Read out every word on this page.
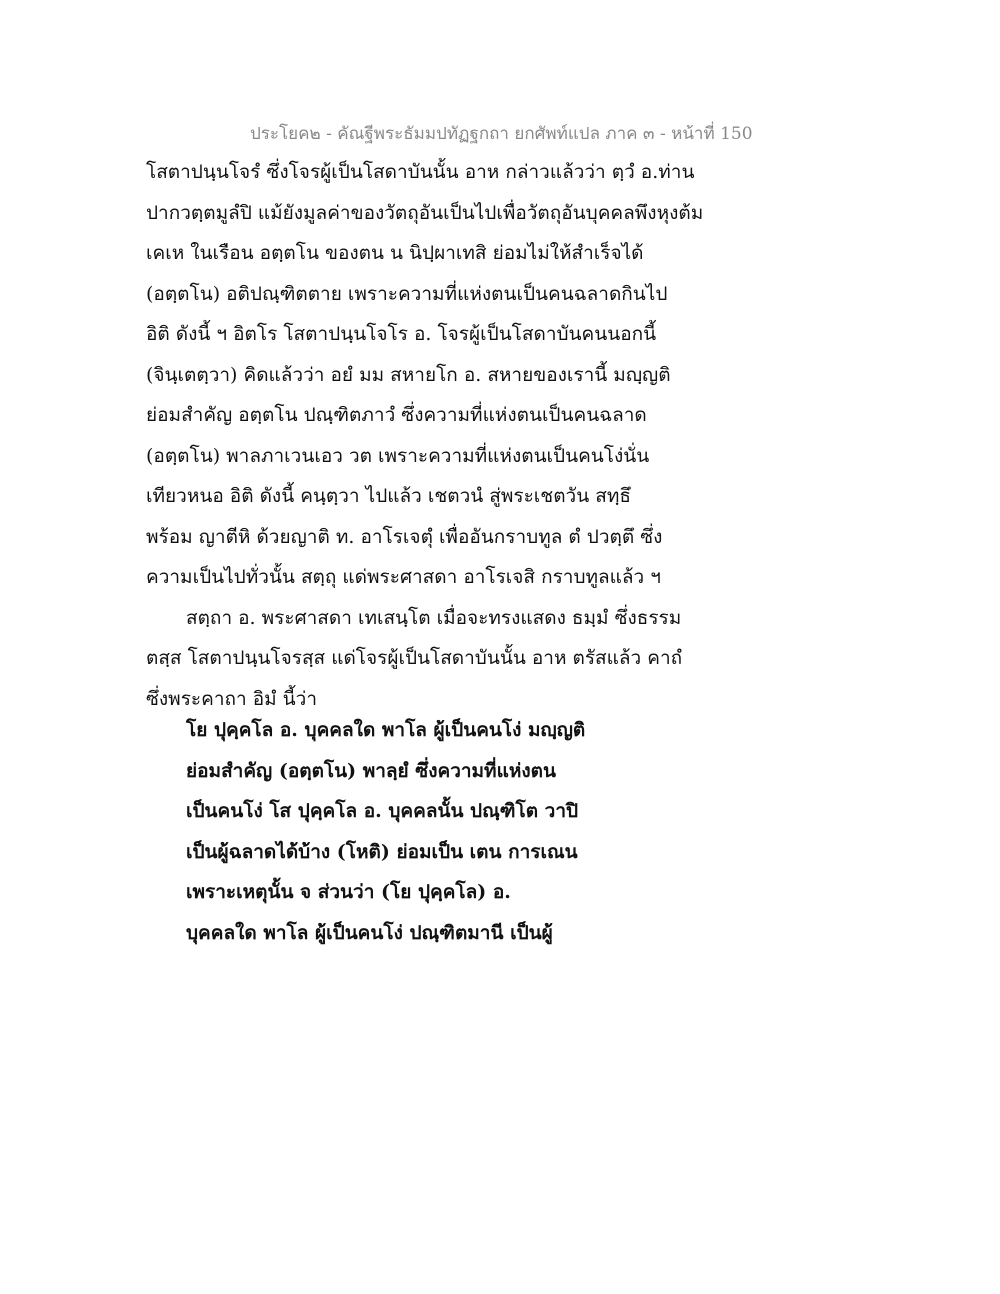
ประโยค๒ - คัณฐีพระธัมมปทัฏฐกถา ยกศัพท์แปล ภาค ๓ - หน้าที่ 150
โสตาปนฺนโจรํ ซึ่งโจรผู้เป็นโสดาบันนั้น อาห กล่าวแล้วว่า ตฺวํ อ.ท่าน
ปากวตฺตมูลํปิ แม้ยังมูลค่าของวัตถุอันเป็นไปเพื่อวัตถุอันบุคคลพึงหุงต้ม
เคเห ในเรือน อตฺตโน ของตน น นิปฺผาเทสิ ย่อมไม่ให้สำเร็จได้
(อตฺตโน) อติปณฺฑิตตาย เพราะความที่แห่งตนเป็นคนฉลาดกินไป
อิติ ดังนี้ ฯ อิตโร โสตาปนฺนโจโร อ. โจรผู้เป็นโสดาบันคนนอกนี้
(จินฺเตตฺวา) คิดแล้วว่า อยํ มม สหายโก อ. สหายของเรานี้ มญฺญติ
ย่อมสำคัญ อตฺตโน ปณฺฑิตภาวํ ซึ่งความที่แห่งตนเป็นคนฉลาด
(อตฺตโน) พาลภาเวนเอว วต เพราะความที่แห่งตนเป็นคนโง่นั่น
เทียวหนอ อิติ ดังนี้ คนฺตฺวา ไปแล้ว เชตวนํ สู่พระเชตวัน สทฺธึ
พร้อม ญาตีหิ ด้วยญาติ ท. อาโรเจตุํ เพื่ออันกราบทูล ตํ ปวตฺตึ ซึ่ง
ความเป็นไปทั่วนั้น สตฺถุ แด่พระศาสดา อาโรเจสิ กราบทูลแล้ว ฯ
สตฺถา อ. พระศาสดา เทเสนฺโต เมื่อจะทรงแสดง ธมฺมํ ซึ่งธรรม
ตสฺส โสตาปนฺนโจรสฺส แด่โจรผู้เป็นโสดาบันนั้น อาห ตรัสแล้ว คาถํ
ซึ่งพระคาถา อิมํ นี้ว่า
โย ปุคฺคโล อ. บุคคลใด พาโล ผู้เป็นคนโง่ มญฺญติ
ย่อมสำคัญ (อตฺตโน) พาลฺยํ ซึ่งความที่แห่งตน
เป็นคนโง่ โส ปุคฺคโล อ. บุคคลนั้น ปณฺฑิโต วาปิ
เป็นผู้ฉลาดได้บ้าง (โหติ) ย่อมเป็น เตน การเณน
เพราะเหตุนั้น จ ส่วนว่า (โย ปุคฺคโล) อ.
บุคคลใด พาโล ผู้เป็นคนโง่ ปณฺฑิตมานี เป็นผู้
